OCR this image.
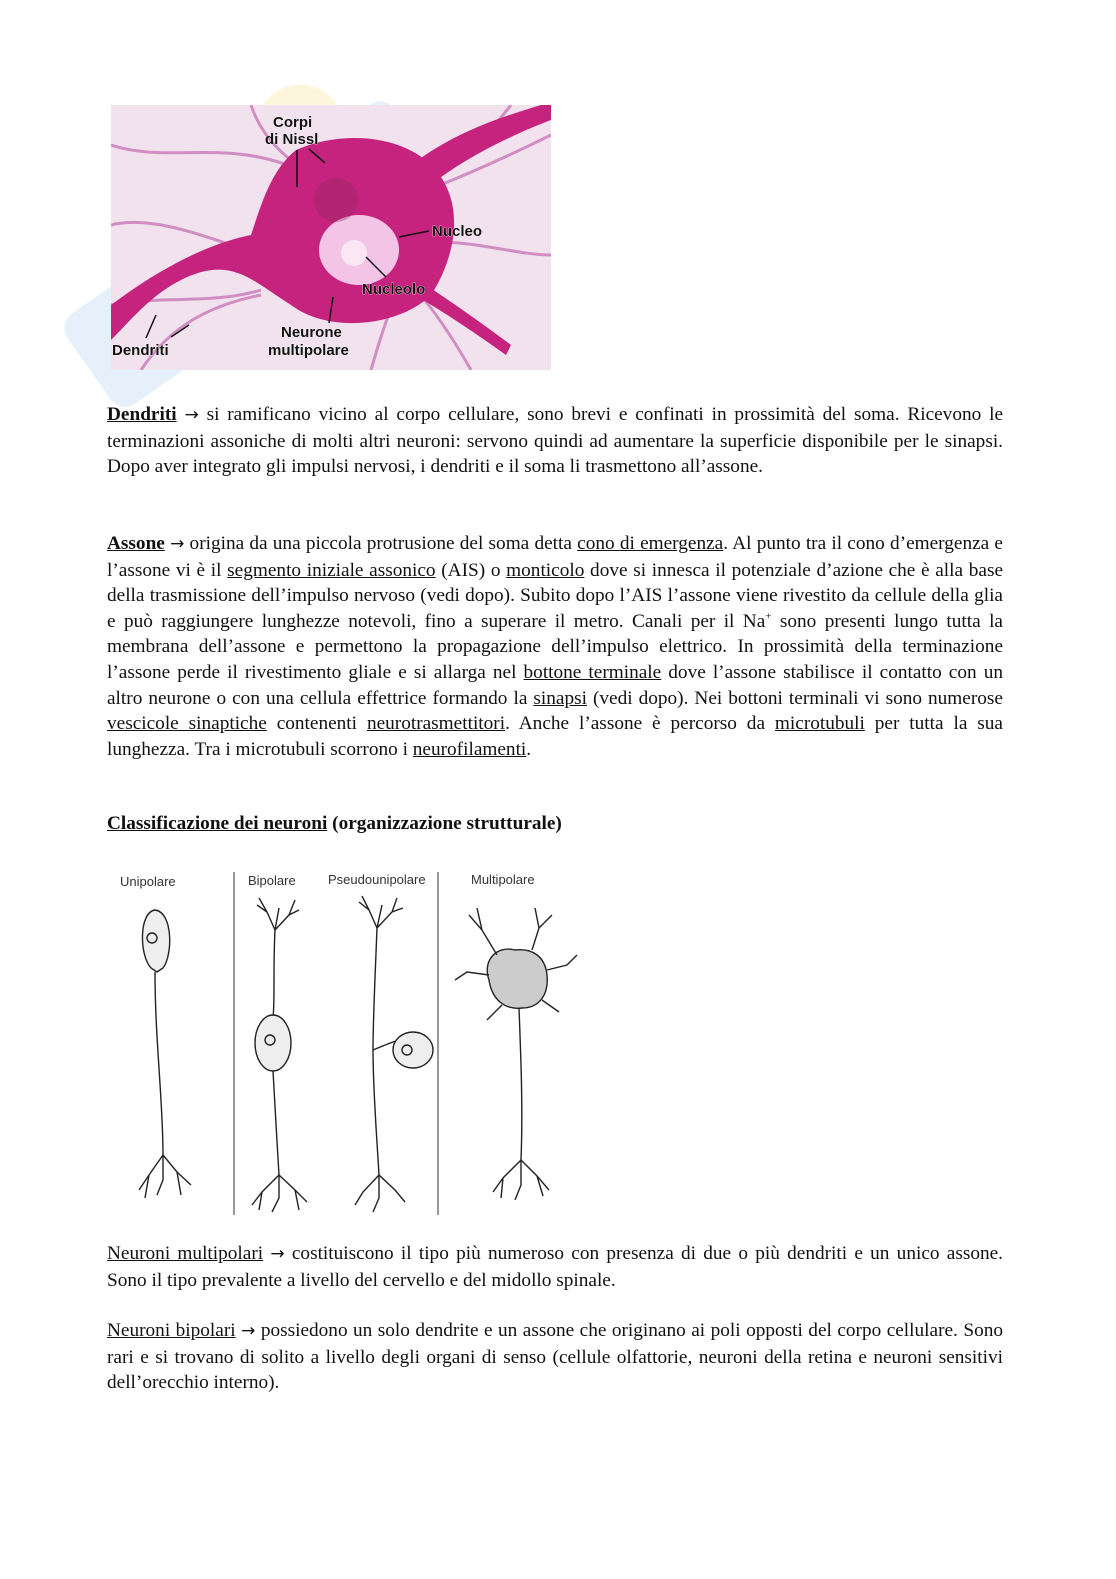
Corpi
di Nissl
Nucleo
Nucleolo
Dendriti
Neurone
multipolare

Dendriti → si ramificano vicino al corpo cellulare, sono brevi e confinati in prossimità del soma. Ricevono le terminazioni assoniche di molti altri neuroni: servono quindi ad aumentare la superficie disponibile per le sinapsi. Dopo aver integrato gli impulsi nervosi, i dendriti e il soma li trasmettono all’assone.

Assone → origina da una piccola protrusione del soma detta cono di emergenza. Al punto tra il cono d’emergenza e l’assone vi è il segmento iniziale assonico (AIS) o monticolo dove si innesca il potenziale d’azione che è alla base della trasmissione dell’impulso nervoso (vedi dopo). Subito dopo l’AIS l’assone viene rivestito da cellule della glia e può raggiungere lunghezze notevoli, fino a superare il metro. Canali per il Na+ sono presenti lungo tutta la membrana dell’assone e permettono la propagazione dell’impulso elettrico. In prossimità della terminazione l’assone perde il rivestimento gliale e si allarga nel bottone terminale dove l’assone stabilisce il contatto con un altro neurone o con una cellula effettrice formando la sinapsi (vedi dopo). Nei bottoni terminali vi sono numerose vescicole sinaptiche contenenti neurotrasmettitori. Anche l’assone è percorso da microtubuli per tutta la sua lunghezza. Tra i microtubuli scorrono i neurofilamenti.

Classificazione dei neuroni (organizzazione strutturale)

Unipolare	Bipolare Pseudounipolare	Multipolare

Neuroni multipolari → costituiscono il tipo più numeroso con presenza di due o più dendriti e un unico assone. Sono il tipo prevalente a livello del cervello e del midollo spinale.

Neuroni bipolari → possiedono un solo dendrite e un assone che originano ai poli opposti del corpo cellulare. Sono rari e si trovano di solito a livello degli organi di senso (cellule olfattorie, neuroni della retina e neuroni sensitivi dell’orecchio interno).
